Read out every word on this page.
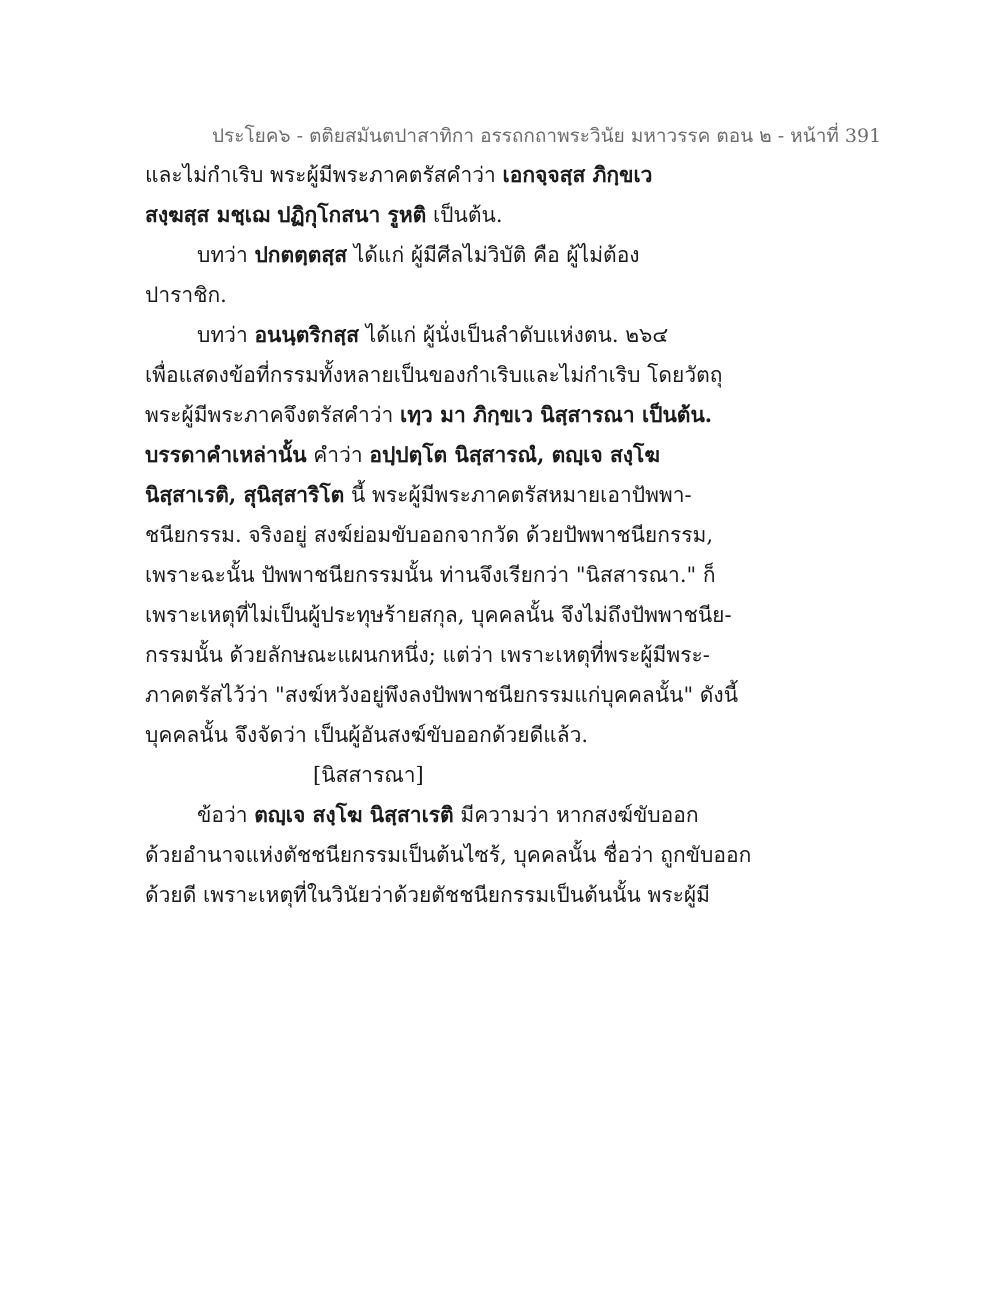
ประโยค๖ - ตติยสมันตปาสาทิกา อรรถกถาพระวินัย มหาวรรค ตอน ๒ - หน้าที่ 391
และไม่กำเริบ พระผู้มีพระภาคตรัสคำว่า เอกจฺจสฺส ภิกฺขเว
สงฺฆสฺส มชฺเฌ ปฏิกุโกสนา รูหติ เป็นต้น.
บทว่า ปกตตฺตสฺส ได้แก่ ผู้มีศีลไม่วิบัติ คือ ผู้ไม่ต้อง
ปาราชิก.
บทว่า อนนฺตริกสฺส ได้แก่ ผู้นั่งเป็นลำดับแห่งตน. ๒๖๔
เพื่อแสดงข้อที่กรรมทั้งหลายเป็นของกำเริบและไม่กำเริบ โดยวัตถุ
พระผู้มีพระภาคจึงตรัสคำว่า เทฺว มา ภิกฺขเว นิสฺสารณา เป็นต้น.
บรรดาคำเหล่านั้น คำว่า อปฺปตฺโต นิสฺสารณํ, ตญฺเจ สงฺโฆ
นิสฺสาเรติ, สุนิสฺสาริโต นี้ พระผู้มีพระภาคตรัสหมายเอาปัพพา-
ชนียกรรม. จริงอยู่ สงฆ์ย่อมขับออกจากวัด ด้วยปัพพาชนียกรรม,
เพราะฉะนั้น ปัพพาชนียกรรมนั้น ท่านจึงเรียกว่า "นิสสารณา." ก็
เพราะเหตุที่ไม่เป็นผู้ประทุษร้ายสกุล, บุคคลนั้น จึงไม่ถึงปัพพาชนีย-
กรรมนั้น ด้วยลักษณะแผนกหนึ่ง; แต่ว่า เพราะเหตุที่พระผู้มีพระ-
ภาคตรัสไว้ว่า "สงฆ์หวังอยู่พึงลงปัพพาชนียกรรมแก่บุคคลนั้น" ดังนี้
บุคคลนั้น จึงจัดว่า เป็นผู้อันสงฆ์ขับออกด้วยดีแล้ว.
[นิสสารณา]
ข้อว่า ตญฺเจ สงฺโฆ นิสฺสาเรติ มีความว่า หากสงฆ์ขับออก
ด้วยอำนาจแห่งตัชชนียกรรมเป็นต้นไซร้, บุคคลนั้น ชื่อว่า ถูกขับออก
ด้วยดี เพราะเหตุที่ในวินัยว่าด้วยตัชชนียกรรมเป็นต้นนั้น พระผู้มี
